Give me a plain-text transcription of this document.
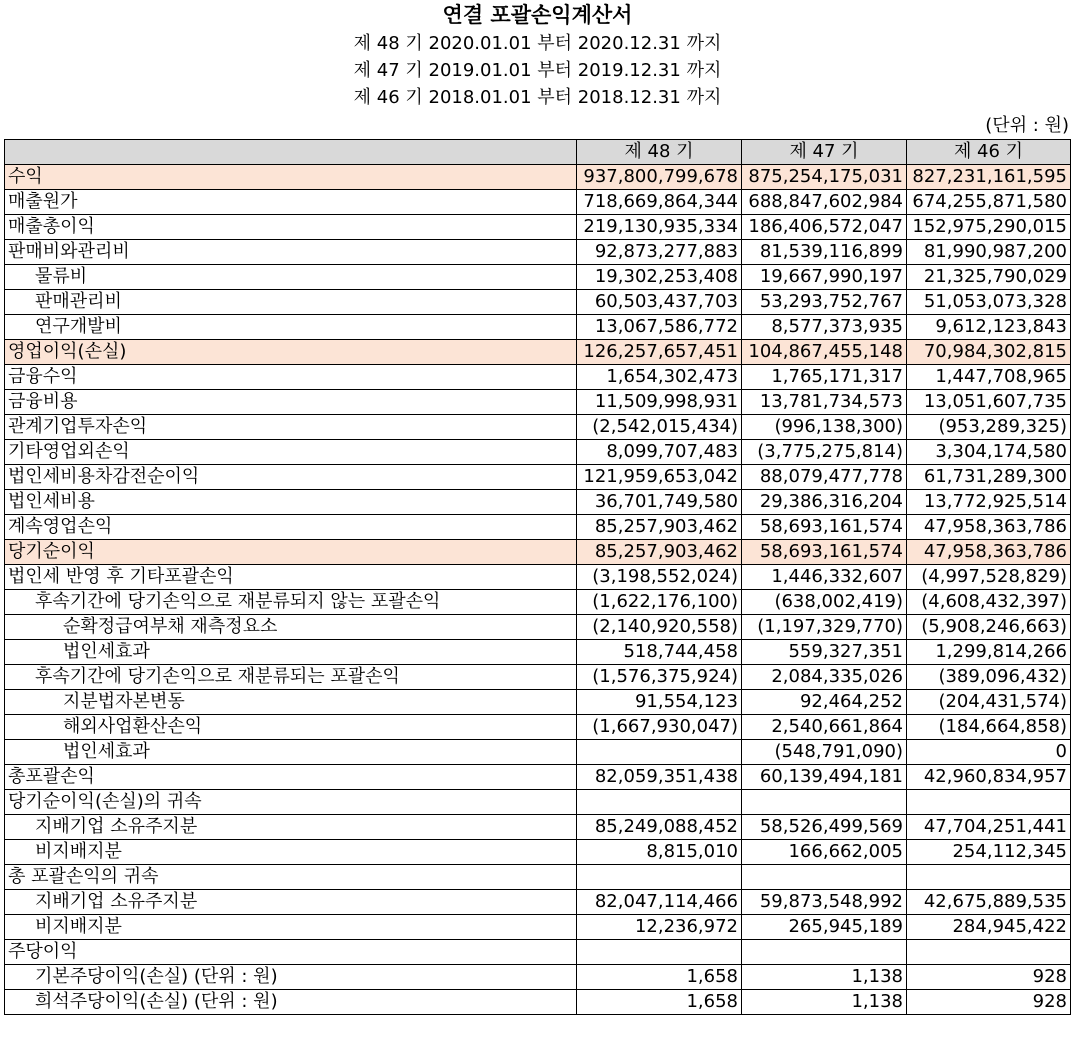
연결 포괄손익계산서
제 48 기 2020.01.01 부터 2020.12.31 까지
제 47 기 2019.01.01 부터 2019.12.31 까지
제 46 기 2018.01.01 부터 2018.12.31 까지
(단위 : 원)
	제 48 기	제 47 기	제 46 기
수익	937,800,799,678	875,254,175,031	827,231,161,595
매출원가	718,669,864,344	688,847,602,984	674,255,871,580
매출총이익	219,130,935,334	186,406,572,047	152,975,290,015
판매비와관리비	92,873,277,883	81,539,116,899	81,990,987,200
물류비	19,302,253,408	19,667,990,197	21,325,790,029
판매관리비	60,503,437,703	53,293,752,767	51,053,073,328
연구개발비	13,067,586,772	8,577,373,935	9,612,123,843
영업이익(손실)	126,257,657,451	104,867,455,148	70,984,302,815
금융수익	1,654,302,473	1,765,171,317	1,447,708,965
금융비용	11,509,998,931	13,781,734,573	13,051,607,735
관계기업투자손익	(2,542,015,434)	(996,138,300)	(953,289,325)
기타영업외손익	8,099,707,483	(3,775,275,814)	3,304,174,580
법인세비용차감전순이익	121,959,653,042	88,079,477,778	61,731,289,300
법인세비용	36,701,749,580	29,386,316,204	13,772,925,514
계속영업손익	85,257,903,462	58,693,161,574	47,958,363,786
당기순이익	85,257,903,462	58,693,161,574	47,958,363,786
법인세 반영 후 기타포괄손익	(3,198,552,024)	1,446,332,607	(4,997,528,829)
후속기간에 당기손익으로 재분류되지 않는 포괄손익	(1,622,176,100)	(638,002,419)	(4,608,432,397)
순확정급여부채 재측정요소	(2,140,920,558)	(1,197,329,770)	(5,908,246,663)
법인세효과	518,744,458	559,327,351	1,299,814,266
후속기간에 당기손익으로 재분류되는 포괄손익	(1,576,375,924)	2,084,335,026	(389,096,432)
지분법자본변동	91,554,123	92,464,252	(204,431,574)
해외사업환산손익	(1,667,930,047)	2,540,661,864	(184,664,858)
법인세효과		(548,791,090)	0
총포괄손익	82,059,351,438	60,139,494,181	42,960,834,957
당기순이익(손실)의 귀속			
지배기업 소유주지분	85,249,088,452	58,526,499,569	47,704,251,441
비지배지분	8,815,010	166,662,005	254,112,345
총 포괄손익의 귀속			
지배기업 소유주지분	82,047,114,466	59,873,548,992	42,675,889,535
비지배지분	12,236,972	265,945,189	284,945,422
주당이익			
기본주당이익(손실) (단위 : 원)	1,658	1,138	928
희석주당이익(손실) (단위 : 원)	1,658	1,138	928
